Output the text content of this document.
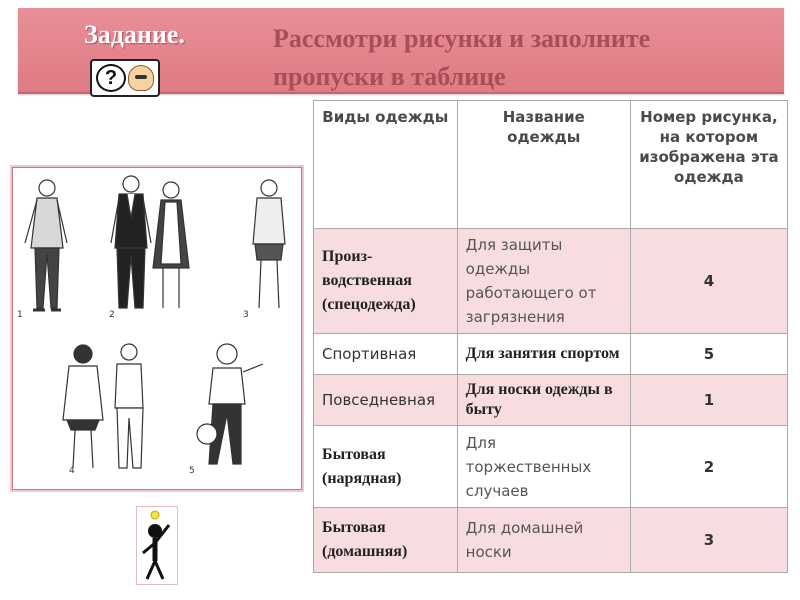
Задание.	Рассмотри рисунки и заполните пропуски в таблице
?
1	2	3
4	5
Виды одежды	Название одежды	Номер рисунка, на котором изображена эта одежда
Произ-водственная (спецодежда)	Для защиты одежды работающего от загрязнения	4
Спортивная	Для занятия спортом	5
Повседневная	Для носки одежды в быту	1
Бытовая (нарядная)	Для торжественных случаев	2
Бытовая (домашняя)	Для домашней носки	3
